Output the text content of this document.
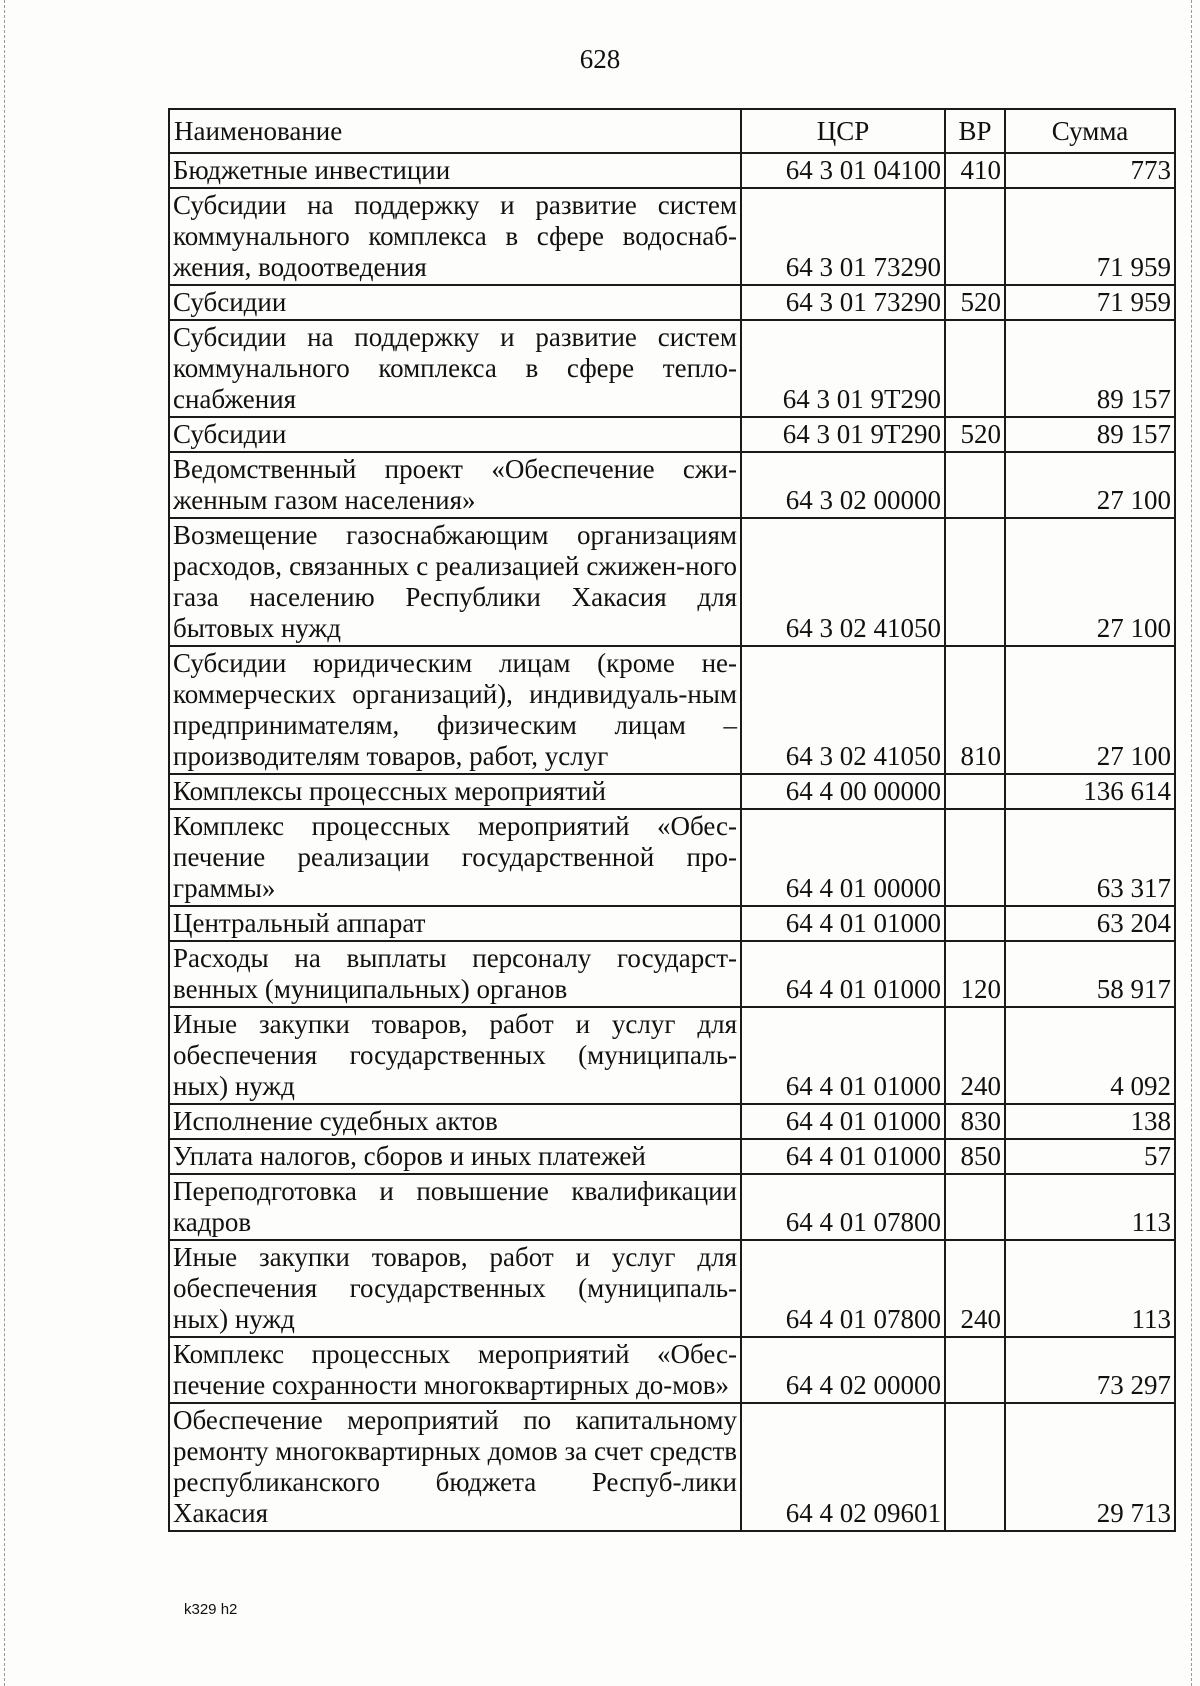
628
Наименование	ЦСР	ВР	Сумма
Бюджетные инвестиции	64 3 01 04100	410	773
Субсидии на поддержку и развитие систем коммунального комплекса в сфере водоснаб-жения, водоотведения	64 3 01 73290		71 959
Субсидии	64 3 01 73290	520	71 959
Субсидии на поддержку и развитие систем коммунального комплекса в сфере тепло-снабжения	64 3 01 9Т290		89 157
Субсидии	64 3 01 9Т290	520	89 157
Ведомственный проект «Обеспечение сжи-женным газом населения»	64 3 02 00000		27 100
Возмещение газоснабжающим организациям расходов, связанных с реализацией сжижен-ного газа населению Республики Хакасия для бытовых нужд	64 3 02 41050		27 100
Субсидии юридическим лицам (кроме не-коммерческих организаций), индивидуаль-ным предпринимателям, физическим лицам – производителям товаров, работ, услуг	64 3 02 41050	810	27 100
Комплексы процессных мероприятий	64 4 00 00000		136 614
Комплекс процессных мероприятий «Обес-печение реализации государственной про-граммы»	64 4 01 00000		63 317
Центральный аппарат	64 4 01 01000		63 204
Расходы на выплаты персоналу государст-венных (муниципальных) органов	64 4 01 01000	120	58 917
Иные закупки товаров, работ и услуг для обеспечения государственных (муниципаль-ных) нужд	64 4 01 01000	240	4 092
Исполнение судебных актов	64 4 01 01000	830	138
Уплата налогов, сборов и иных платежей	64 4 01 01000	850	57
Переподготовка и повышение квалификации кадров	64 4 01 07800		113
Иные закупки товаров, работ и услуг для обеспечения государственных (муниципаль-ных) нужд	64 4 01 07800	240	113
Комплекс процессных мероприятий «Обес-печение сохранности многоквартирных до-мов»	64 4 02 00000		73 297
Обеспечение мероприятий по капитальному ремонту многоквартирных домов за счет средств республиканского бюджета Респуб-лики Хакасия	64 4 02 09601		29 713
k329 h2
